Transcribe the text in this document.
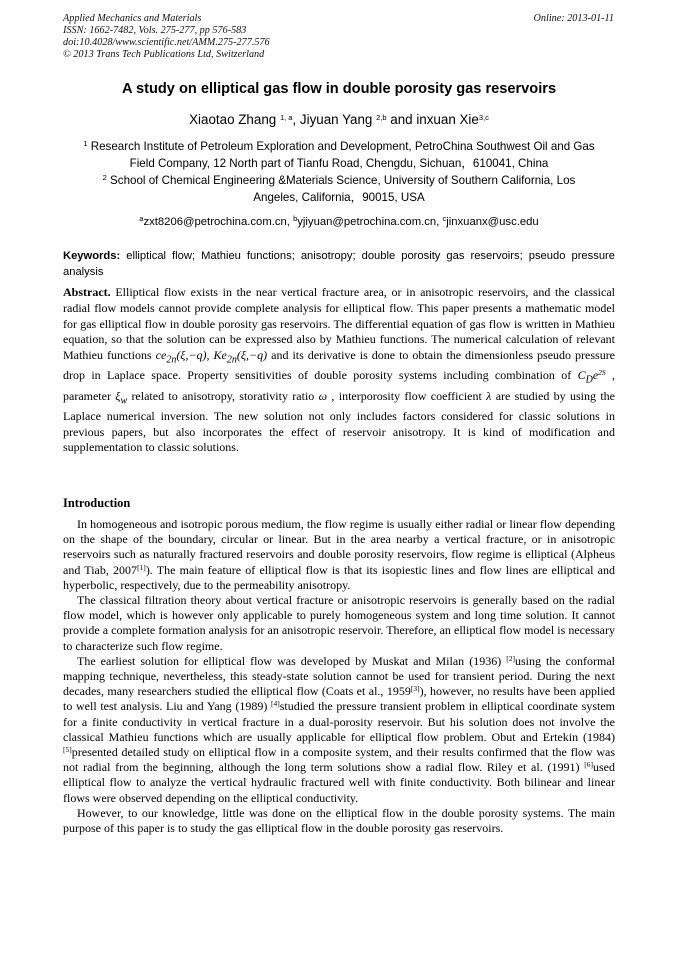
Applied Mechanics and Materials
ISSN: 1662-7482, Vols. 275-277, pp 576-583
doi:10.4028/www.scientific.net/AMM.275-277.576
© 2013 Trans Tech Publications Ltd, Switzerland
Online: 2013-01-11
A study on elliptical gas flow in double porosity gas reservoirs
Xiaotao Zhang $^{1, a}$, Jiyuan Yang $^{2,b}$ and inxuan Xie$^{3,c}$
$^1$ Research Institute of Petroleum Exploration and Development, PetroChina Southwest Oil and Gas
Field Company, 12 North part of Tianfu Road, Chengdu, Sichuan，610041, China
$^2$ School of Chemical Engineering &Materials Science, University of Southern California, Los
Angeles, California，90015, USA
$^a$zxt8206@petrochina.com.cn, $^b$yjiyuan@petrochina.com.cn, $^c$jinxuanx@usc.edu
Keywords: elliptical flow; Mathieu functions; anisotropy; double porosity gas reservoirs; pseudo pressure analysis
Abstract. Elliptical flow exists in the near vertical fracture area, or in anisotropic reservoirs, and the classical radial flow models cannot provide complete analysis for elliptical flow. This paper presents a mathematic model for gas elliptical flow in double porosity gas reservoirs. The differential equation of gas flow is written in Mathieu equation, so that the solution can be expressed also by Mathieu functions. The numerical calculation of relevant Mathieu functions $ce_{2n}(\xi,-q)$, $Ke_{2n}(\xi,-q)$ and its derivative is done to obtain the dimensionless pseudo pressure drop in Laplace space. Property sensitivities of double porosity systems including combination of $C_De^{2S}$ , parameter $\xi_w$ related to anisotropy, storativity ratio ω , interporosity flow coefficient λ are studied by using the Laplace numerical inversion. The new solution not only includes factors considered for classic solutions in previous papers, but also incorporates the effect of reservoir anisotropy. It is kind of modification and supplementation to classic solutions.
Introduction

In homogeneous and isotropic porous medium, the flow regime is usually either radial or linear flow depending on the shape of the boundary, circular or linear. But in the area nearby a vertical fracture, or in anisotropic reservoirs such as naturally fractured reservoirs and double porosity reservoirs, flow regime is elliptical (Alpheus and Tiab, 2007[1]). The main feature of elliptical flow is that its isopiestic lines and flow lines are elliptical and hyperbolic, respectively, due to the permeability anisotropy.

The classical filtration theory about vertical fracture or anisotropic reservoirs is generally based on the radial flow model, which is however only applicable to purely homogeneous system and long time solution. It cannot provide a complete formation analysis for an anisotropic reservoir. Therefore, an elliptical flow model is necessary to characterize such flow regime.

The earliest solution for elliptical flow was developed by Muskat and Milan (1936) [2]using the conformal mapping technique, nevertheless, this steady-state solution cannot be used for transient period. During the next decades, many researchers studied the elliptical flow (Coats et al., 1959[3]), however, no results have been applied to well test analysis. Liu and Yang (1989) [4]studied the pressure transient problem in elliptical coordinate system for a finite conductivity in vertical fracture in a dual-porosity reservoir. But his solution does not involve the classical Mathieu functions which are usually applicable for elliptical flow problem. Obut and Ertekin (1984) [5]presented detailed study on elliptical flow in a composite system, and their results confirmed that the flow was not radial from the beginning, although the long term solutions show a radial flow. Riley et al. (1991) [6]used elliptical flow to analyze the vertical hydraulic fractured well with finite conductivity. Both bilinear and linear flows were observed depending on the elliptical conductivity.

However, to our knowledge, little was done on the elliptical flow in the double porosity systems. The main purpose of this paper is to study the gas elliptical flow in the double porosity gas reservoirs.
